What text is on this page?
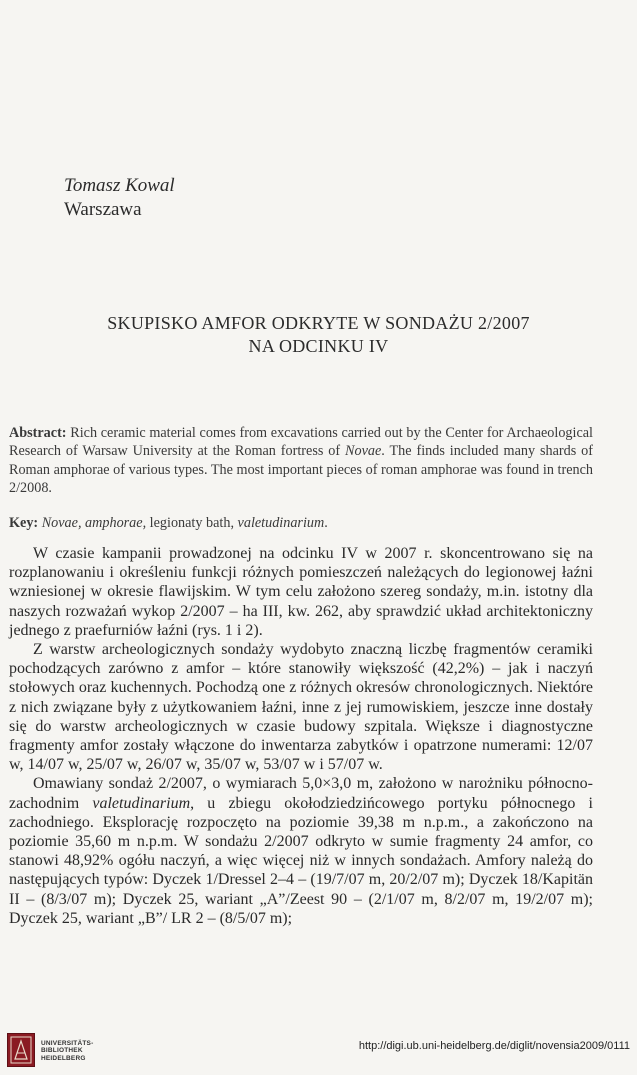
Tomasz Kowal
Warszawa
SKUPISKO AMFOR ODKRYTE W SONDAŻU 2/2007
NA ODCINKU IV
Abstract: Rich ceramic material comes from excavations carried out by the Center for Archaeological Research of Warsaw University at the Roman fortress of Novae. The finds included many shards of Roman amphorae of various types. The most important pieces of roman amphorae was found in trench 2/2008.
Key: Novae, amphorae, legionaty bath, valetudinarium.

W czasie kampanii prowadzonej na odcinku IV w 2007 r. skoncentrowano się na rozplanowaniu i określeniu funkcji różnych pomieszczeń należących do legionowej łaźni wzniesionej w okresie flawijskim. W tym celu założono szereg sondaży, m.in. istotny dla naszych rozważań wykop 2/2007 – ha III, kw. 262, aby sprawdzić układ architektoniczny jednego z praefurniów łaźni (rys. 1 i 2).

Z warstw archeologicznych sondaży wydobyto znaczną liczbę fragmentów ceramiki pochodzących zarówno z amfor – które stanowiły większość (42,2%) – jak i naczyń stołowych oraz kuchennych. Pochodzą one z różnych okresów chronologicznych. Niektóre z nich związane były z użytkowaniem łaźni, inne z jej rumowiskiem, jeszcze inne dostały się do warstw archeologicznych w czasie budowy szpitala. Większe i diagnostyczne fragmenty amfor zostały włączone do inwentarza zabytków i opatrzone numerami: 12/07 w, 14/07 w, 25/07 w, 26/07 w, 35/07 w, 53/07 w i 57/07 w.

Omawiany sondaż 2/2007, o wymiarach 5,0×3,0 m, założono w narożniku północno-zachodnim valetudinarium, u zbiegu okołodziedzińcowego portyku północnego i zachodniego. Eksplorację rozpoczęto na poziomie 39,38 m n.p.m., a zakończono na poziomie 35,60 m n.p.m. W sondażu 2/2007 odkryto w sumie fragmenty 24 amfor, co stanowi 48,92% ogółu naczyń, a więc więcej niż w innych sondażach. Amfory należą do następujących typów: Dyczek 1/Dressel 2–4 – (19/7/07 m, 20/2/07 m); Dyczek 18/Kapitän II – (8/3/07 m); Dyczek 25, wariant „A”/Zeest 90 – (2/1/07 m, 8/2/07 m, 19/2/07 m); Dyczek 25, wariant „B”/ LR 2 – (8/5/07 m);

UNIVERSITÄTS-
BIBLIOTHEK
HEIDELBERG
http://digi.ub.uni-heidelberg.de/diglit/novensia2009/0111
